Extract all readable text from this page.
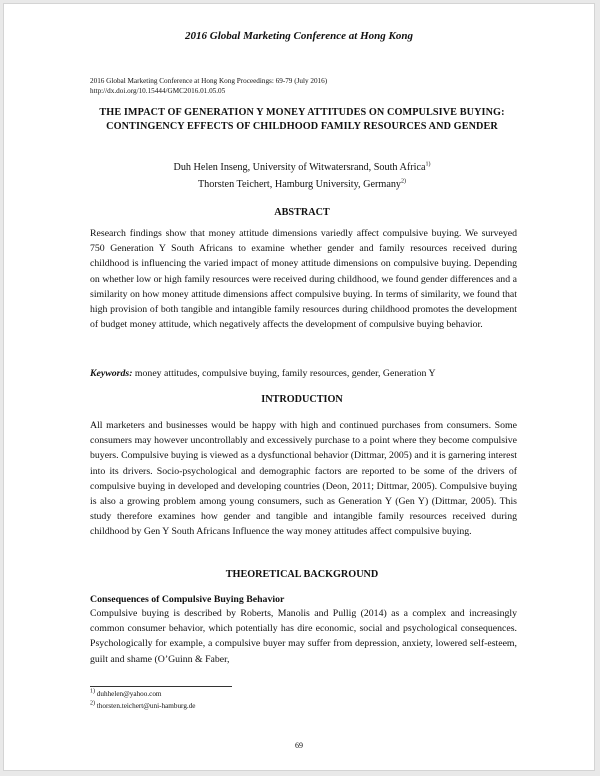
2016 Global Marketing Conference at Hong Kong
2016 Global Marketing Conference at Hong Kong Proceedings: 69-79 (July 2016)
http://dx.doi.org/10.15444/GMC2016.01.05.05
THE IMPACT OF GENERATION Y MONEY ATTITUDES ON COMPULSIVE BUYING: CONTINGENCY EFFECTS OF CHILDHOOD FAMILY RESOURCES AND GENDER
Duh Helen Inseng, University of Witwatersrand, South Africa$^{1)}$
Thorsten Teichert, Hamburg University, Germany$^{2)}$
ABSTRACT
Research findings show that money attitude dimensions variedly affect compulsive buying. We surveyed 750 Generation Y South Africans to examine whether gender and family resources received during childhood is influencing the varied impact of money attitude dimensions on compulsive buying. Depending on whether low or high family resources were received during childhood, we found gender differences and a similarity on how money attitude dimensions affect compulsive buying. In terms of similarity, we found that high provision of both tangible and intangible family resources during childhood promotes the development of budget money attitude, which negatively affects the development of compulsive buying behavior.
Keywords: money attitudes, compulsive buying, family resources, gender, Generation Y
INTRODUCTION
All marketers and businesses would be happy with high and continued purchases from consumers. Some consumers may however uncontrollably and excessively purchase to a point where they become compulsive buyers. Compulsive buying is viewed as a dysfunctional behavior (Dittmar, 2005) and it is garnering interest into its drivers. Socio-psychological and demographic factors are reported to be some of the drivers of compulsive buying in developed and developing countries (Deon, 2011; Dittmar, 2005). Compulsive buying is also a growing problem among young consumers, such as Generation Y (Gen Y) (Dittmar, 2005). This study therefore examines how gender and tangible and intangible family resources received during childhood by Gen Y South Africans Influence the way money attitudes affect compulsive buying.
THEORETICAL BACKGROUND
Consequences of Compulsive Buying Behavior
Compulsive buying is described by Roberts, Manolis and Pullig (2014) as a complex and increasingly common consumer behavior, which potentially has dire economic, social and psychological consequences. Psychologically for example, a compulsive buyer may suffer from depression, anxiety, lowered self-esteem, guilt and shame (O’Guinn & Faber,
$^{1)}$ duhhelen@yahoo.com
$^{2)}$ thorsten.teichert@uni-hamburg.de
69
